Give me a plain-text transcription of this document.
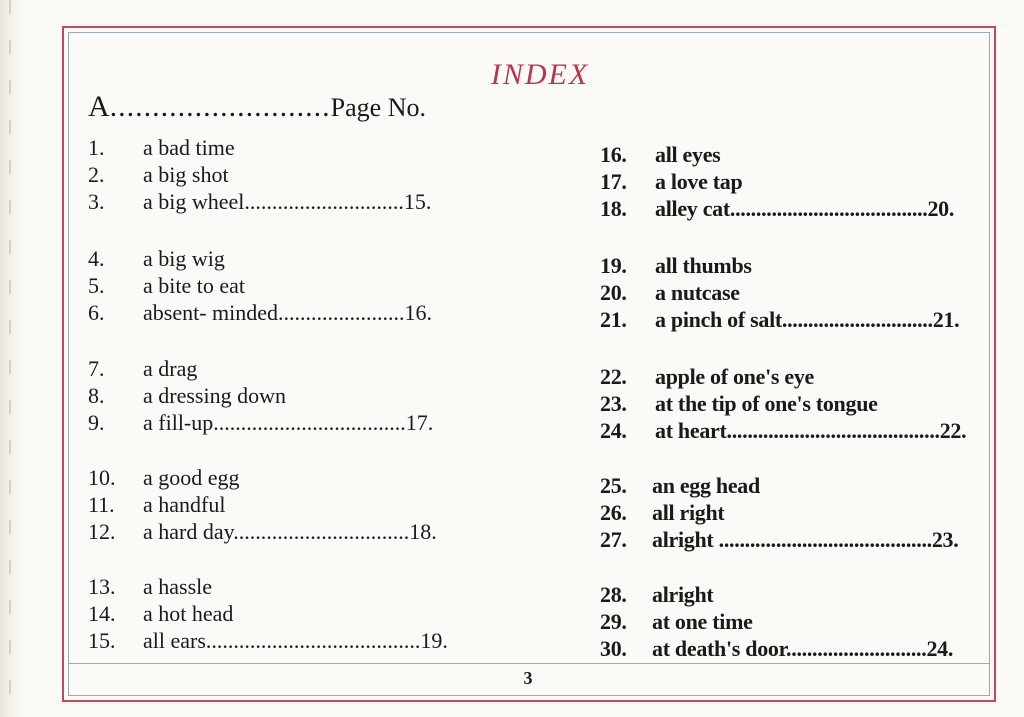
INDEX
A..........................Page No.
1. a bad time
2. a big shot
3. a big wheel.............................15.
4. a big wig
5. a bite to eat
6. absent- minded.......................16.
7. a drag
8. a dressing down
9. a fill-up...................................17.
10. a good egg
11. a handful
12. a hard day................................18.
13. a hassle
14. a hot head
15. all ears.......................................19.
16. all eyes
17. a love tap
18. alley cat......................................20.
19. all thumbs
20. a nutcase
21. a pinch of salt.............................21.
22. apple of one's eye
23. at the tip of one's tongue
24. at heart.........................................22.
25. an egg head
26. all right
27. alright .........................................23.
28. alright
29. at one time
30. at death's door...........................24.
3
